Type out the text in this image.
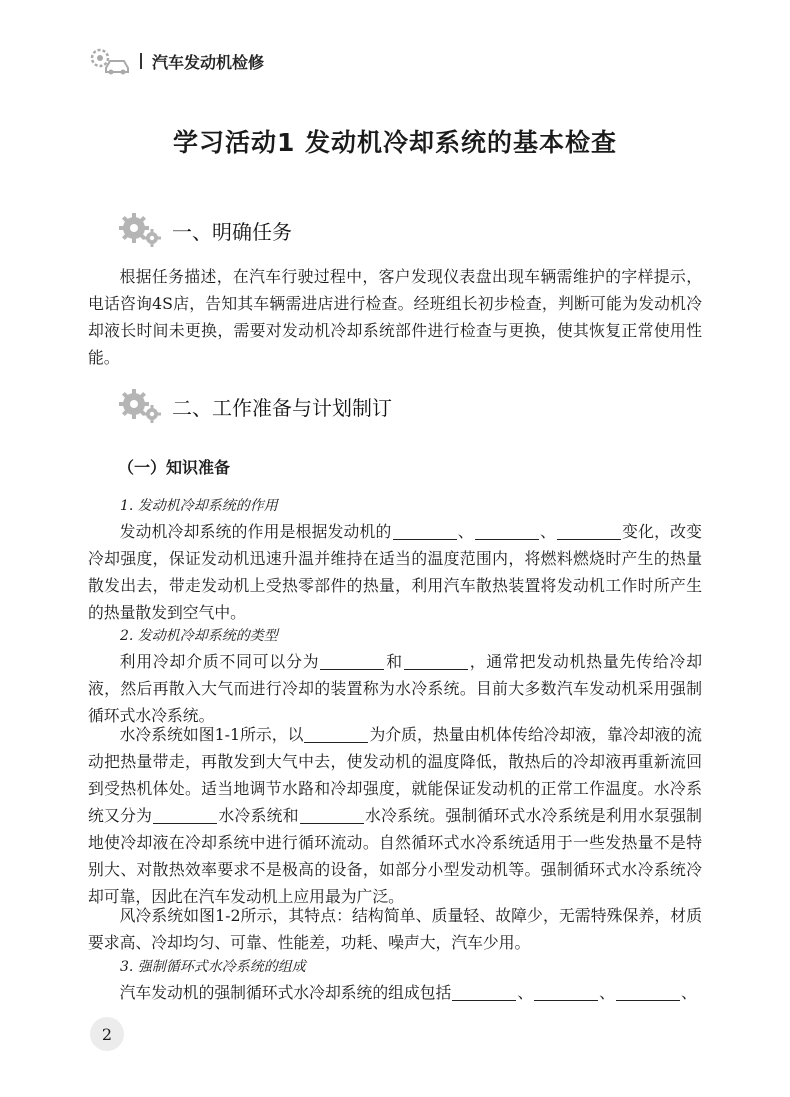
汽车发动机检修
学习活动1 发动机冷却系统的基本检查
一、明确任务

根据任务描述，在汽车行驶过程中，客户发现仪表盘出现车辆需维护的字样提示，电话咨询4S店，告知其车辆需进店进行检查。经班组长初步检查，判断可能为发动机冷却液长时间未更换，需要对发动机冷却系统部件进行检查与更换，使其恢复正常使用性能。

二、工作准备与计划制订
（一）知识准备
1. 发动机冷却系统的作用

发动机冷却系统的作用是根据发动机的	、	、	变化，改变冷却强度，保证发动机迅速升温并维持在适当的温度范围内，将燃料燃烧时产生的热量散发出去，带走发动机上受热零部件的热量，利用汽车散热装置将发动机工作时所产生的热量散发到空气中。

2. 发动机冷却系统的类型

利用冷却介质不同可以分为	和	，通常把发动机热量先传给冷却液，然后再散入大气而进行冷却的装置称为水冷系统。目前大多数汽车发动机采用强制循环式水冷系统。

水冷系统如图1-1所示，以	为介质，热量由机体传给冷却液，靠冷却液的流动把热量带走，再散发到大气中去，使发动机的温度降低，散热后的冷却液再重新流回到受热机体处。适当地调节水路和冷却强度，就能保证发动机的正常工作温度。水冷系统又分为	水冷系统和	水冷系统。强制循环式水冷系统是利用水泵强制地使冷却液在冷却系统中进行循环流动。自然循环式水冷系统适用于一些发热量不是特别大、对散热效率要求不是极高的设备，如部分小型发动机等。强制循环式水冷系统冷却可靠，因此在汽车发动机上应用最为广泛。

风冷系统如图1-2所示，其特点：结构简单、质量轻、故障少，无需特殊保养，材质要求高、冷却均匀、可靠、性能差，功耗、噪声大，汽车少用。

3. 强制循环式水冷系统的组成

汽车发动机的强制循环式水冷却系统的组成包括	、	、	、

2
